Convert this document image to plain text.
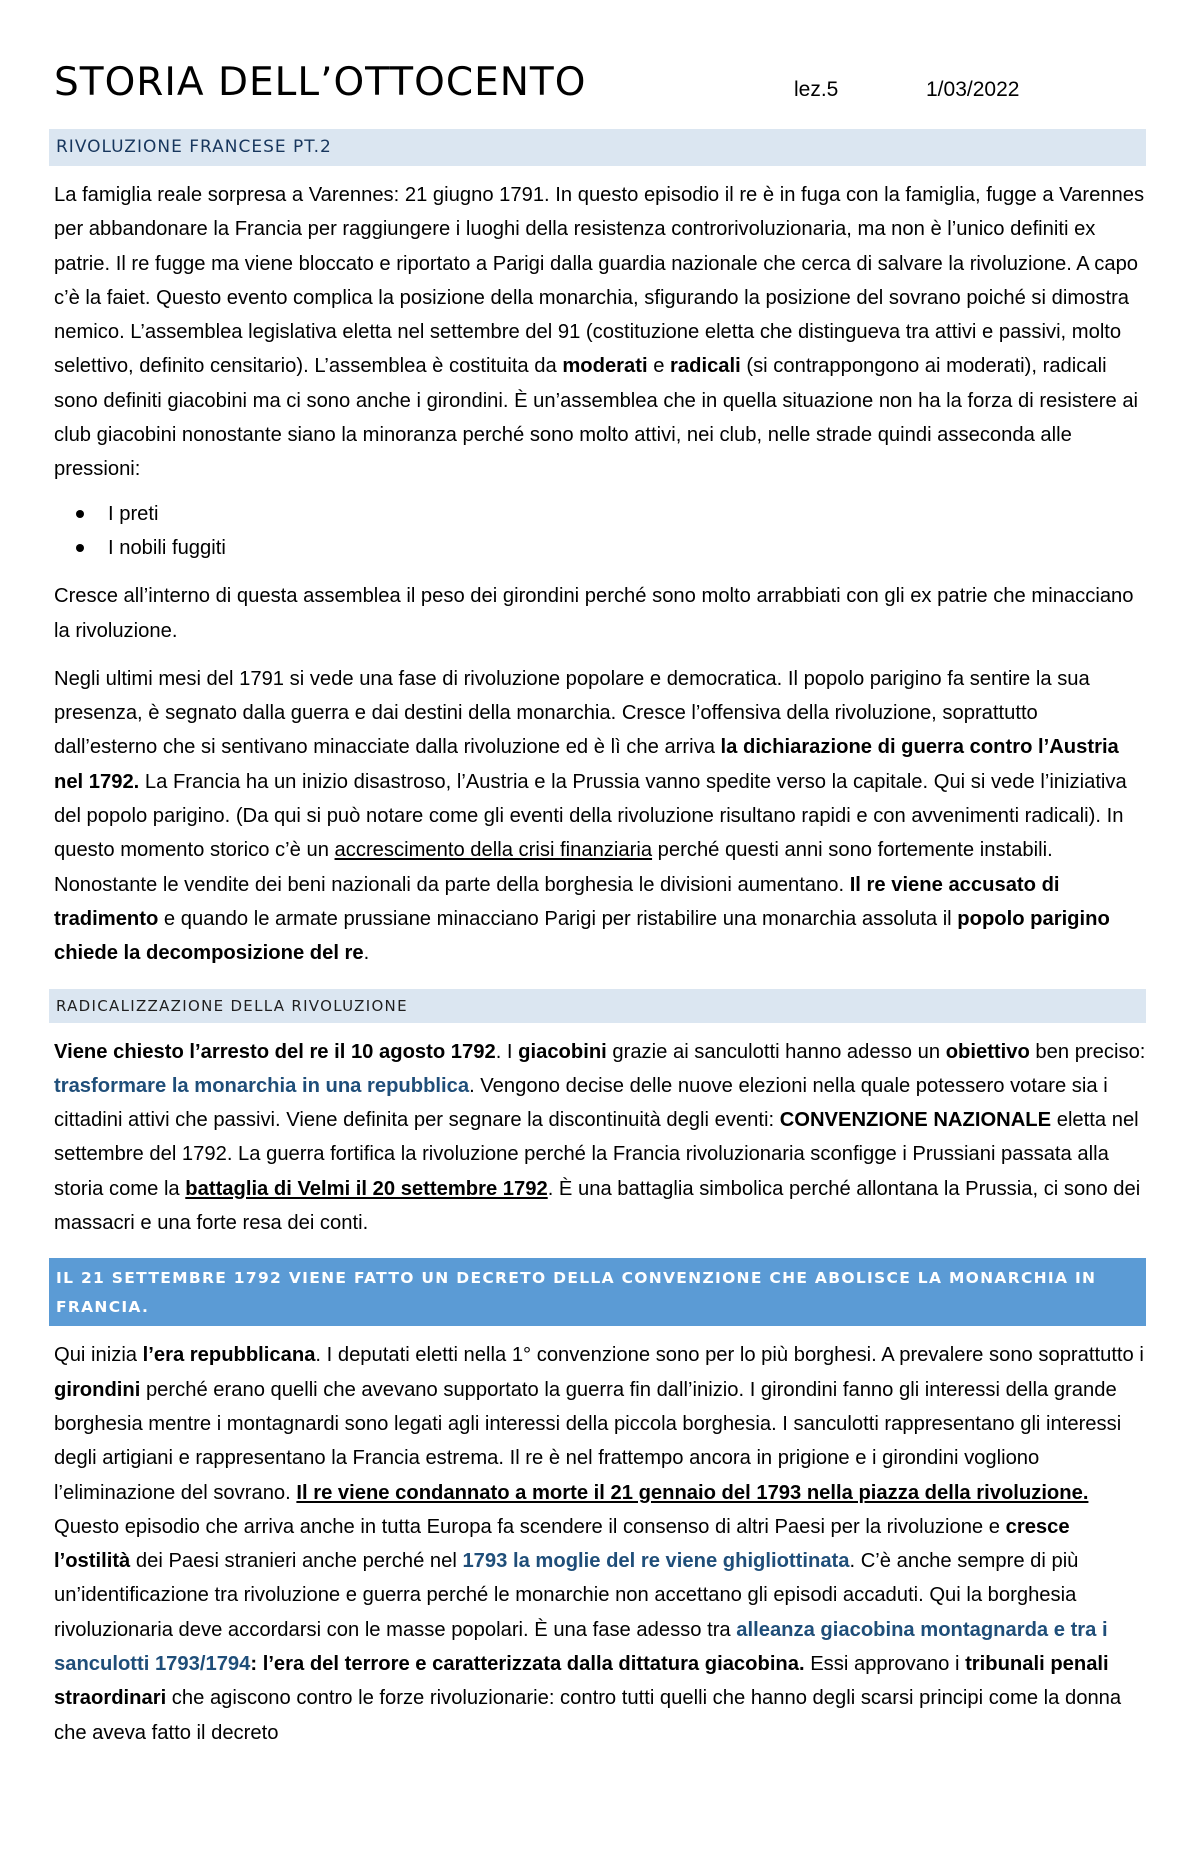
STORIA DELL’OTTOCENTO	lez.5	1/03/2022
RIVOLUZIONE FRANCESE PT.2

La famiglia reale sorpresa a Varennes: 21 giugno 1791. In questo episodio il re è in fuga con la famiglia, fugge a Varennes per abbandonare la Francia per raggiungere i luoghi della resistenza controrivoluzionaria, ma non è l’unico definiti ex patrie. Il re fugge ma viene bloccato e riportato a Parigi dalla guardia nazionale che cerca di salvare la rivoluzione. A capo c’è la faiet. Questo evento complica la posizione della monarchia, sfigurando la posizione del sovrano poiché si dimostra nemico. L’assemblea legislativa eletta nel settembre del 91 (costituzione eletta che distingueva tra attivi e passivi, molto selettivo, definito censitario). L’assemblea è costituita da moderati e radicali (si contrappongono ai moderati), radicali sono definiti giacobini ma ci sono anche i girondini. È un’assemblea che in quella situazione non ha la forza di resistere ai club giacobini nonostante siano la minoranza perché sono molto attivi, nei club, nelle strade quindi asseconda alle pressioni:

I preti
I nobili fuggiti

Cresce all’interno di questa assemblea il peso dei girondini perché sono molto arrabbiati con gli ex patrie che minacciano la rivoluzione.

Negli ultimi mesi del 1791 si vede una fase di rivoluzione popolare e democratica. Il popolo parigino fa sentire la sua presenza, è segnato dalla guerra e dai destini della monarchia. Cresce l’offensiva della rivoluzione, soprattutto dall’esterno che si sentivano minacciate dalla rivoluzione ed è lì che arriva la dichiarazione di guerra contro l’Austria nel 1792. La Francia ha un inizio disastroso, l’Austria e la Prussia vanno spedite verso la capitale. Qui si vede l’iniziativa del popolo parigino. (Da qui si può notare come gli eventi della rivoluzione risultano rapidi e con avvenimenti radicali). In questo momento storico c’è un accrescimento della crisi finanziaria perché questi anni sono fortemente instabili. Nonostante le vendite dei beni nazionali da parte della borghesia le divisioni aumentano. Il re viene accusato di tradimento e quando le armate prussiane minacciano Parigi per ristabilire una monarchia assoluta il popolo parigino chiede la decomposizione del re.

RADICALIZZAZIONE DELLA RIVOLUZIONE

Viene chiesto l’arresto del re il 10 agosto 1792. I giacobini grazie ai sanculotti hanno adesso un obiettivo ben preciso: trasformare la monarchia in una repubblica. Vengono decise delle nuove elezioni nella quale potessero votare sia i cittadini attivi che passivi. Viene definita per segnare la discontinuità degli eventi: CONVENZIONE NAZIONALE eletta nel settembre del 1792. La guerra fortifica la rivoluzione perché la Francia rivoluzionaria sconfigge i Prussiani passata alla storia come la battaglia di Velmi il 20 settembre 1792. È una battaglia simbolica perché allontana la Prussia, ci sono dei massacri e una forte resa dei conti.

IL 21 SETTEMBRE 1792 VIENE FATTO UN DECRETO DELLA CONVENZIONE CHE ABOLISCE LA MONARCHIA IN FRANCIA.

Qui inizia l’era repubblicana. I deputati eletti nella 1° convenzione sono per lo più borghesi. A prevalere sono soprattutto i girondini perché erano quelli che avevano supportato la guerra fin dall’inizio. I girondini fanno gli interessi della grande borghesia mentre i montagnardi sono legati agli interessi della piccola borghesia. I sanculotti rappresentano gli interessi degli artigiani e rappresentano la Francia estrema. Il re è nel frattempo ancora in prigione e i girondini vogliono l’eliminazione del sovrano. Il re viene condannato a morte il 21 gennaio del 1793 nella piazza della rivoluzione. Questo episodio che arriva anche in tutta Europa fa scendere il consenso di altri Paesi per la rivoluzione e cresce l’ostilità dei Paesi stranieri anche perché nel 1793 la moglie del re viene ghigliottinata. C’è anche sempre di più un’identificazione tra rivoluzione e guerra perché le monarchie non accettano gli episodi accaduti. Qui la borghesia rivoluzionaria deve accordarsi con le masse popolari. È una fase adesso tra alleanza giacobina montagnarda e tra i sanculotti 1793/1794: l’era del terrore e caratterizzata dalla dittatura giacobina. Essi approvano i tribunali penali straordinari che agiscono contro le forze rivoluzionarie: contro tutti quelli che hanno degli scarsi principi come la donna che aveva fatto il decreto
